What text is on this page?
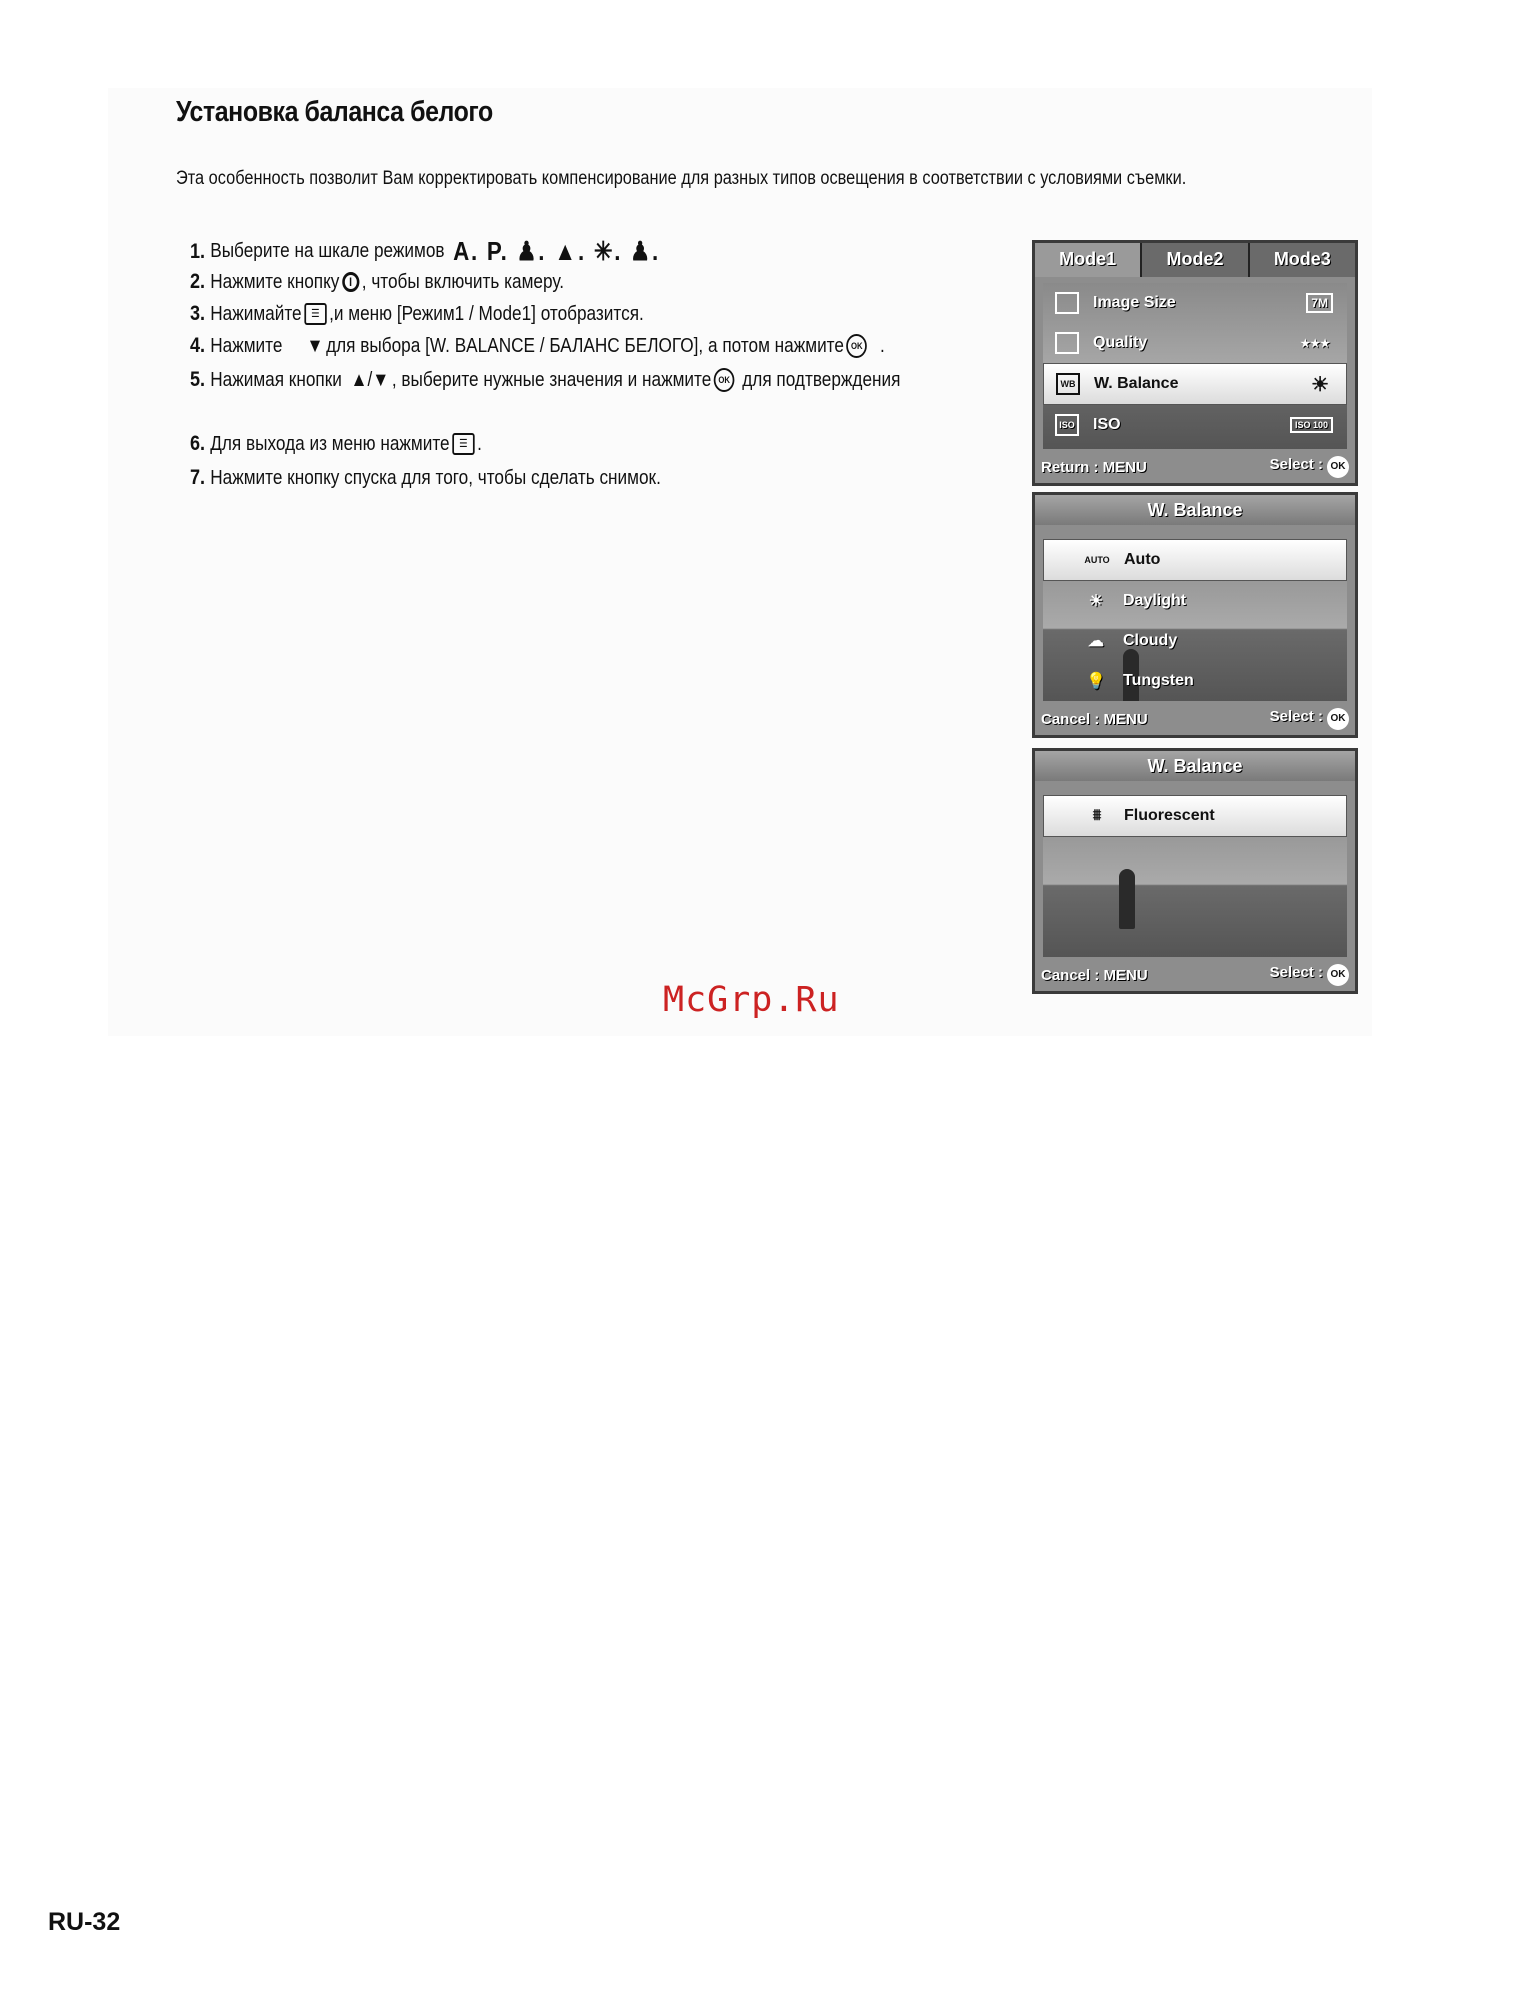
Установка баланса белого
Эта особенность позволит Вам корректировать компенсирование для разных типов освещения в соответствии с условиями съемки.
1. Выберите на шкале режимов A. P. ♟. ▲. ✳. ♟.
2. Нажмите кнопку I , чтобы включить камеру.
3. Нажимайте ☰ ,и меню [Режим1 / Mode1] отобразится.
4. Нажмите ▼ для выбора [W. BALANCE / БАЛАНС БЕЛОГО], а потом нажмите OK .
5. Нажимая кнопки ▲/▼ , выберите нужные значения и нажмите OK для подтверждения
6. Для выхода из меню нажмите ☰ .
7. Нажмите кнопку спуска для того, чтобы сделать снимок.
Mode1	Mode2	Mode3
Image Size	7M
Quality	★★★
WB W. Balance	☀
ISO ISO	ISO 100
Return : MENU	Select : OK
W. Balance
AUTO Auto
☀	Daylight
☁	Cloudy
💡 Tungsten
Cancel : MENU	Select : OK
W. Balance
⩩	Fluorescent
Cancel : MENU	Select : OK
McGrp.Ru
RU-32
